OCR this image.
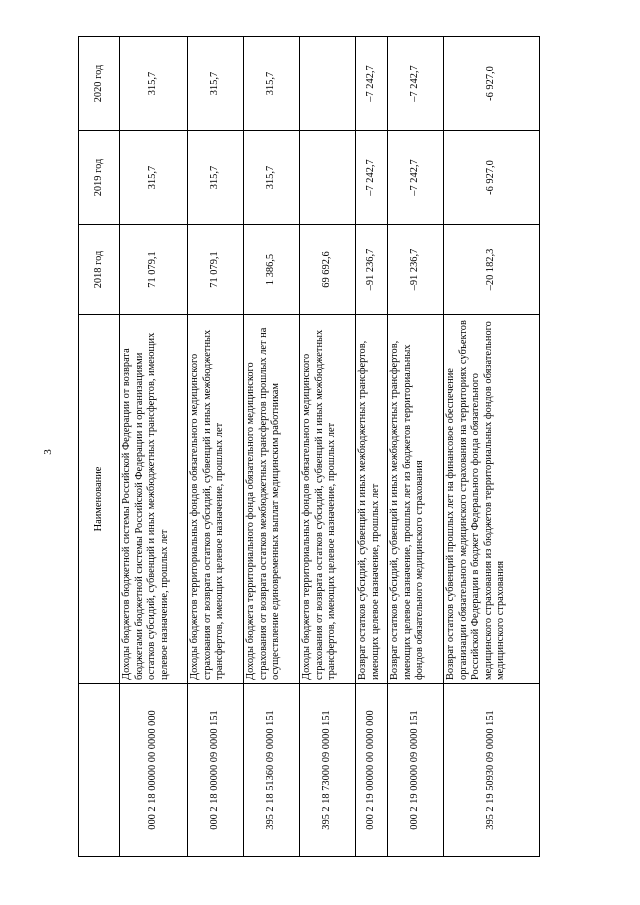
3
	Наименование	2018 год	2019 год	2020 год
000 2 18 00000 00 0000 000	Доходы бюджетов бюджетной системы Российской Федерации от возврата бюджетами бюджетной системы Российской Федерации и организациями остатков субсидий, субвенций и иных межбюджетных трансфертов, имеющих целевое назначение, прошлых лет	71 079,1	315,7	315,7
000 2 18 00000 09 0000 151	Доходы бюджетов территориальных фондов обязательного медицинского страхования от возврата остатков субсидий, субвенций и иных межбюджетных трансфертов, имеющих целевое назначение, прошлых лет	71 079,1	315,7	315,7
395 2 18 51360 09 0000 151	Доходы бюджета территориального фонда обязательного медицинского страхования от возврата остатков межбюджетных трансфертов прошлых лет на осуществление единовременных выплат медицинским работникам	1 386,5	315,7	315,7
395 2 18 73000 09 0000 151	Доходы бюджетов территориальных фондов обязательного медицинского страхования от возврата остатков субсидий, субвенций и иных межбюджетных трансфертов, имеющих целевое назначение, прошлых лет	69 692,6		
000 2 19 00000 00 0000 000	Возврат остатков субсидий, субвенций и иных межбюджетных трансфертов, имеющих целевое назначение, прошлых лет	–91 236,7	–7 242,7	–7 242,7
000 2 19 00000 09 0000 151	Возврат остатков субсидий, субвенций и иных межбюджетных трансфертов, имеющих целевое назначение, прошлых лет из бюджетов территориальных фондов обязательного медицинского страхования	–91 236,7	–7 242,7	–7 242,7
395 2 19 50930 09 0000 151	Возврат остатков субвенций прошлых лет на финансовое обеспечение организации обязательного медицинского страхования на территориях субъектов Российской Федерации в бюджет Федерального фонда обязательного медицинского страхования из бюджетов территориальных фондов обязательного медицинского страхования	–20 182,3	-6 927,0	-6 927,0
